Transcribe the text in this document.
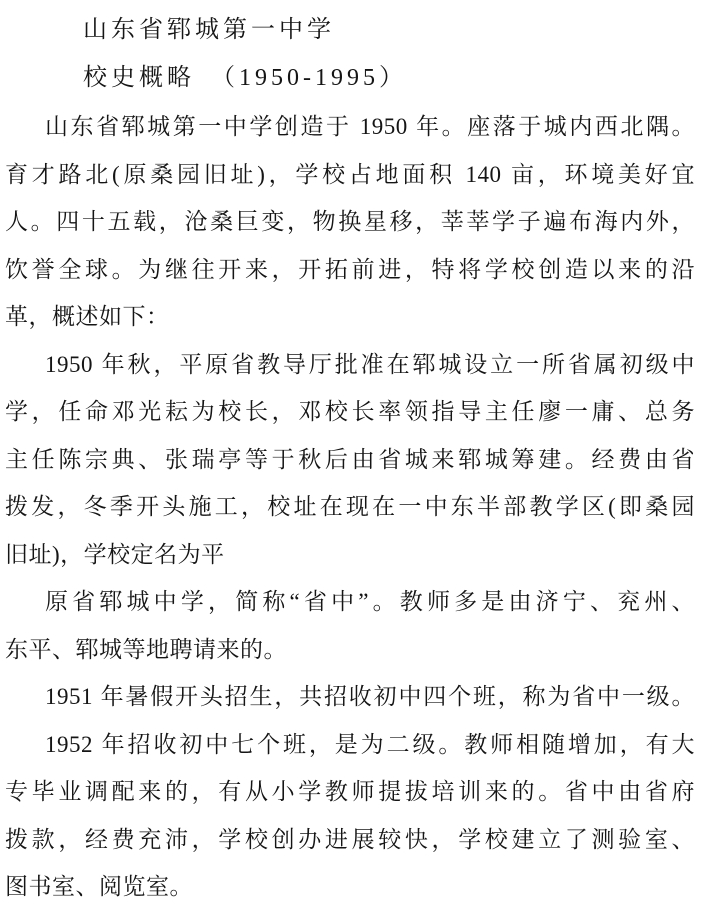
山东省郓城第一中学
校史概略　（1950-1995）

山东省郓城第一中学创造于 1950 年。座落于城内西北隅。
育才路北(原桑园旧址)，学校占地面积 140 亩，环境美好宜
人。四十五载，沧桑巨变，物换星移，莘莘学子遍布海内外，
饮誉全球。为继往开来，开拓前进，特将学校创造以来的沿
革，概述如下：

1950 年秋，平原省教导厅批准在郓城设立一所省属初级中
学，任命邓光耘为校长，邓校长率领指导主任廖一庸、总务
主任陈宗典、张瑞亭等于秋后由省城来郓城筹建。经费由省
拨发，冬季开头施工，校址在现在一中东半部教学区(即桑园
旧址)，学校定名为平

原省郓城中学，简称“省中”。教师多是由济宁、兖州、
东平、郓城等地聘请来的。

1951 年暑假开头招生，共招收初中四个班，称为省中一级。

1952 年招收初中七个班，是为二级。教师相随增加，有大
专毕业调配来的，有从小学教师提拔培训来的。省中由省府
拨款，经费充沛，学校创办进展较快，学校建立了测验室、
图书室、阅览室。
